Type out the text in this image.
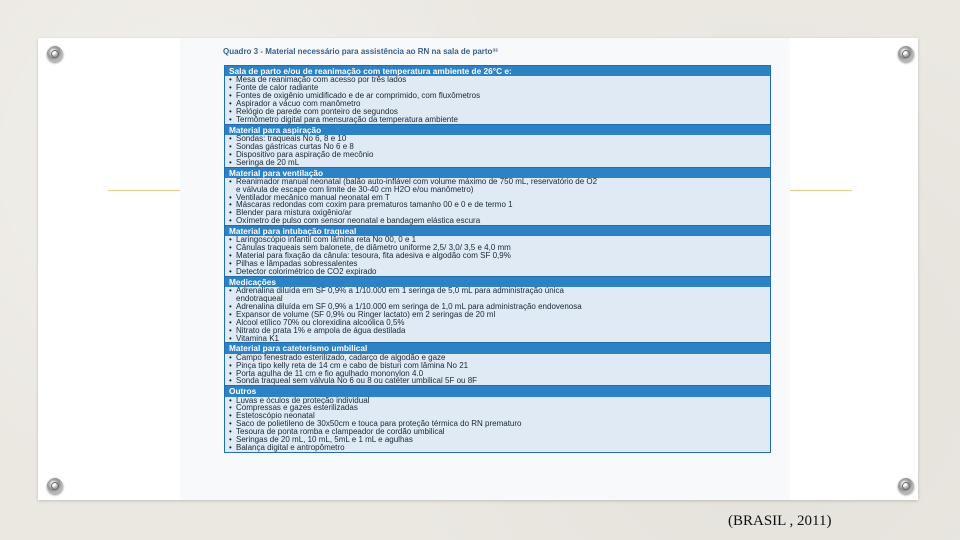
Quadro 3 - Material necessário para assistência ao RN na sala de parto³³
Sala de parto e/ou de reanimação com temperatura ambiente de 26°C e:
• Mesa de reanimação com acesso por três lados
• Fonte de calor radiante
• Fontes de oxigênio umidificado e de ar comprimido, com fluxômetros
• Aspirador a vácuo com manômetro
• Relógio de parede com ponteiro de segundos
• Termômetro digital para mensuração da temperatura ambiente
Material para aspiração
• Sondas: traqueais No 6, 8 e 10
• Sondas gástricas curtas No 6 e 8
• Dispositivo para aspiração de mecônio
• Seringa de 20 mL
Material para ventilação
• Reanimador manual neonatal (balão auto-inflável com volume máximo de 750 mL, reservatório de O2
e válvula de escape com limite de 30-40 cm H2O e/ou manômetro)
• Ventilador mecânico manual neonatal em T
• Máscaras redondas com coxim para prematuros tamanho 00 e 0 e de termo 1
• Blender para mistura oxigênio/ar
• Oxímetro de pulso com sensor neonatal e bandagem elástica escura
Material para intubação traqueal
• Laringoscópio infantil com lâmina reta No 00, 0 e 1
• Cânulas traqueais sem balonete, de diâmetro uniforme 2,5/ 3,0/ 3,5 e 4,0 mm
• Material para fixação da cânula: tesoura, fita adesiva e algodão com SF 0,9%
• Pilhas e lâmpadas sobressalentes
• Detector colorimétrico de CO2 expirado
Medicações
• Adrenalina diluída em SF 0,9% a 1/10.000 em 1 seringa de 5,0 mL para administração única
endotraqueal
• Adrenalina diluída em SF 0,9% a 1/10.000 em seringa de 1,0 mL para administração endovenosa
• Expansor de volume (SF 0,9% ou Ringer lactato) em 2 seringas de 20 ml
• Álcool etílico 70% ou clorexidina alcoólica 0,5%
• Nitrato de prata 1% e ampola de água destilada
• Vitamina K1
Material para cateterismo umbilical
• Campo fenestrado esterilizado, cadarço de algodão e gaze
• Pinça tipo kelly reta de 14 cm e cabo de bisturi com lâmina No 21
• Porta agulha de 11 cm e fio agulhado mononylon 4.0
• Sonda traqueal sem válvula No 6 ou 8 ou catéter umbilical 5F ou 8F
Outros
• Luvas e óculos de proteção individual
• Compressas e gazes esterilizadas
• Estetoscópio neonatal
• Saco de polietileno de 30x50cm e touca para proteção térmica do RN prematuro
• Tesoura de ponta romba e clampeador de cordão umbilical
• Seringas de 20 mL, 10 mL, 5mL e 1 mL e agulhas
• Balança digital e antropômetro
(BRASIL , 2011)
